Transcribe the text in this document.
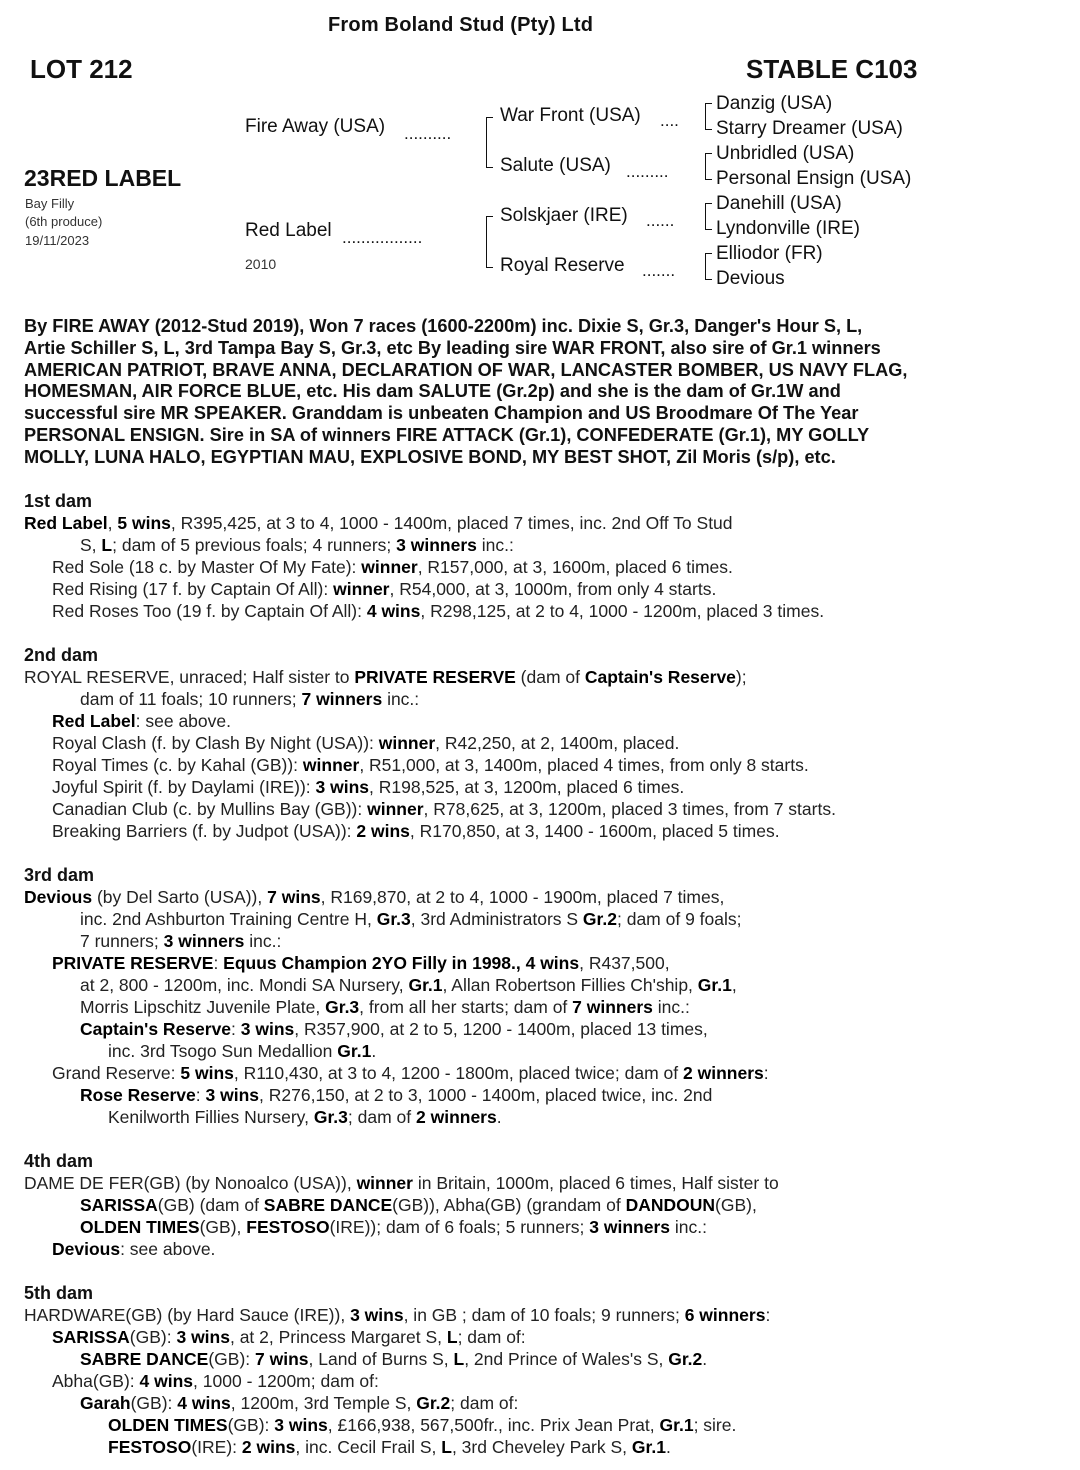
From Boland Stud (Pty) Ltd
LOT 212	STABLE C103
23RED LABEL
Bay Filly
(6th produce)
19/11/2023
Fire Away (USA) ..........
Red Label .................
2010
War Front (USA) ....
Salute (USA) .........
Solskjaer (IRE) ......
Royal Reserve .......
Danzig (USA)
Starry Dreamer (USA)
Unbridled (USA)
Personal Ensign (USA)
Danehill (USA)
Lyndonville (IRE)
Elliodor (FR)
Devious
By FIRE AWAY (2012-Stud 2019), Won 7 races (1600-2200m) inc. Dixie S, Gr.3, Danger's Hour S, L,
Artie Schiller S, L, 3rd Tampa Bay S, Gr.3, etc By leading sire WAR FRONT, also sire of Gr.1 winners
AMERICAN PATRIOT, BRAVE ANNA, DECLARATION OF WAR, LANCASTER BOMBER, US NAVY FLAG,
HOMESMAN, AIR FORCE BLUE, etc. His dam SALUTE (Gr.2p) and she is the dam of Gr.1W and
successful sire MR SPEAKER. Granddam is unbeaten Champion and US Broodmare Of The Year
PERSONAL ENSIGN. Sire in SA of winners FIRE ATTACK (Gr.1), CONFEDERATE (Gr.1), MY GOLLY
MOLLY, LUNA HALO, EGYPTIAN MAU, EXPLOSIVE BOND, MY BEST SHOT, Zil Moris (s/p), etc.
1st dam
Red Label, 5 wins, R395,425, at 3 to 4, 1000 - 1400m, placed 7 times, inc. 2nd Off To Stud
S, L; dam of 5 previous foals; 4 runners; 3 winners inc.:
Red Sole (18 c. by Master Of My Fate): winner, R157,000, at 3, 1600m, placed 6 times.
Red Rising (17 f. by Captain Of All): winner, R54,000, at 3, 1000m, from only 4 starts.
Red Roses Too (19 f. by Captain Of All): 4 wins, R298,125, at 2 to 4, 1000 - 1200m, placed 3 times.
2nd dam
ROYAL RESERVE, unraced; Half sister to PRIVATE RESERVE (dam of Captain's Reserve);
dam of 11 foals; 10 runners; 7 winners inc.:
Red Label: see above.
Royal Clash (f. by Clash By Night (USA)): winner, R42,250, at 2, 1400m, placed.
Royal Times (c. by Kahal (GB)): winner, R51,000, at 3, 1400m, placed 4 times, from only 8 starts.
Joyful Spirit (f. by Daylami (IRE)): 3 wins, R198,525, at 3, 1200m, placed 6 times.
Canadian Club (c. by Mullins Bay (GB)): winner, R78,625, at 3, 1200m, placed 3 times, from 7 starts.
Breaking Barriers (f. by Judpot (USA)): 2 wins, R170,850, at 3, 1400 - 1600m, placed 5 times.
3rd dam
Devious (by Del Sarto (USA)), 7 wins, R169,870, at 2 to 4, 1000 - 1900m, placed 7 times,
inc. 2nd Ashburton Training Centre H, Gr.3, 3rd Administrators S Gr.2; dam of 9 foals;
7 runners; 3 winners inc.:
PRIVATE RESERVE: Equus Champion 2YO Filly in 1998., 4 wins, R437,500,
at 2, 800 - 1200m, inc. Mondi SA Nursery, Gr.1, Allan Robertson Fillies Ch'ship, Gr.1,
Morris Lipschitz Juvenile Plate, Gr.3, from all her starts; dam of 7 winners inc.:
Captain's Reserve: 3 wins, R357,900, at 2 to 5, 1200 - 1400m, placed 13 times,
inc. 3rd Tsogo Sun Medallion Gr.1.
Grand Reserve: 5 wins, R110,430, at 3 to 4, 1200 - 1800m, placed twice; dam of 2 winners:
Rose Reserve: 3 wins, R276,150, at 2 to 3, 1000 - 1400m, placed twice, inc. 2nd
Kenilworth Fillies Nursery, Gr.3; dam of 2 winners.
4th dam
DAME DE FER(GB) (by Nonoalco (USA)), winner in Britain, 1000m, placed 6 times, Half sister to
SARISSA(GB) (dam of SABRE DANCE(GB)), Abha(GB) (grandam of DANDOUN(GB),
OLDEN TIMES(GB), FESTOSO(IRE)); dam of 6 foals; 5 runners; 3 winners inc.:
Devious: see above.
5th dam
HARDWARE(GB) (by Hard Sauce (IRE)), 3 wins, in GB ; dam of 10 foals; 9 runners; 6 winners:
SARISSA(GB): 3 wins, at 2, Princess Margaret S, L; dam of:
SABRE DANCE(GB): 7 wins, Land of Burns S, L, 2nd Prince of Wales's S, Gr.2.
Abha(GB): 4 wins, 1000 - 1200m; dam of:
Garah(GB): 4 wins, 1200m, 3rd Temple S, Gr.2; dam of:
OLDEN TIMES(GB): 3 wins, £166,938, 567,500fr., inc. Prix Jean Prat, Gr.1; sire.
FESTOSO(IRE): 2 wins, inc. Cecil Frail S, L, 3rd Cheveley Park S, Gr.1.
